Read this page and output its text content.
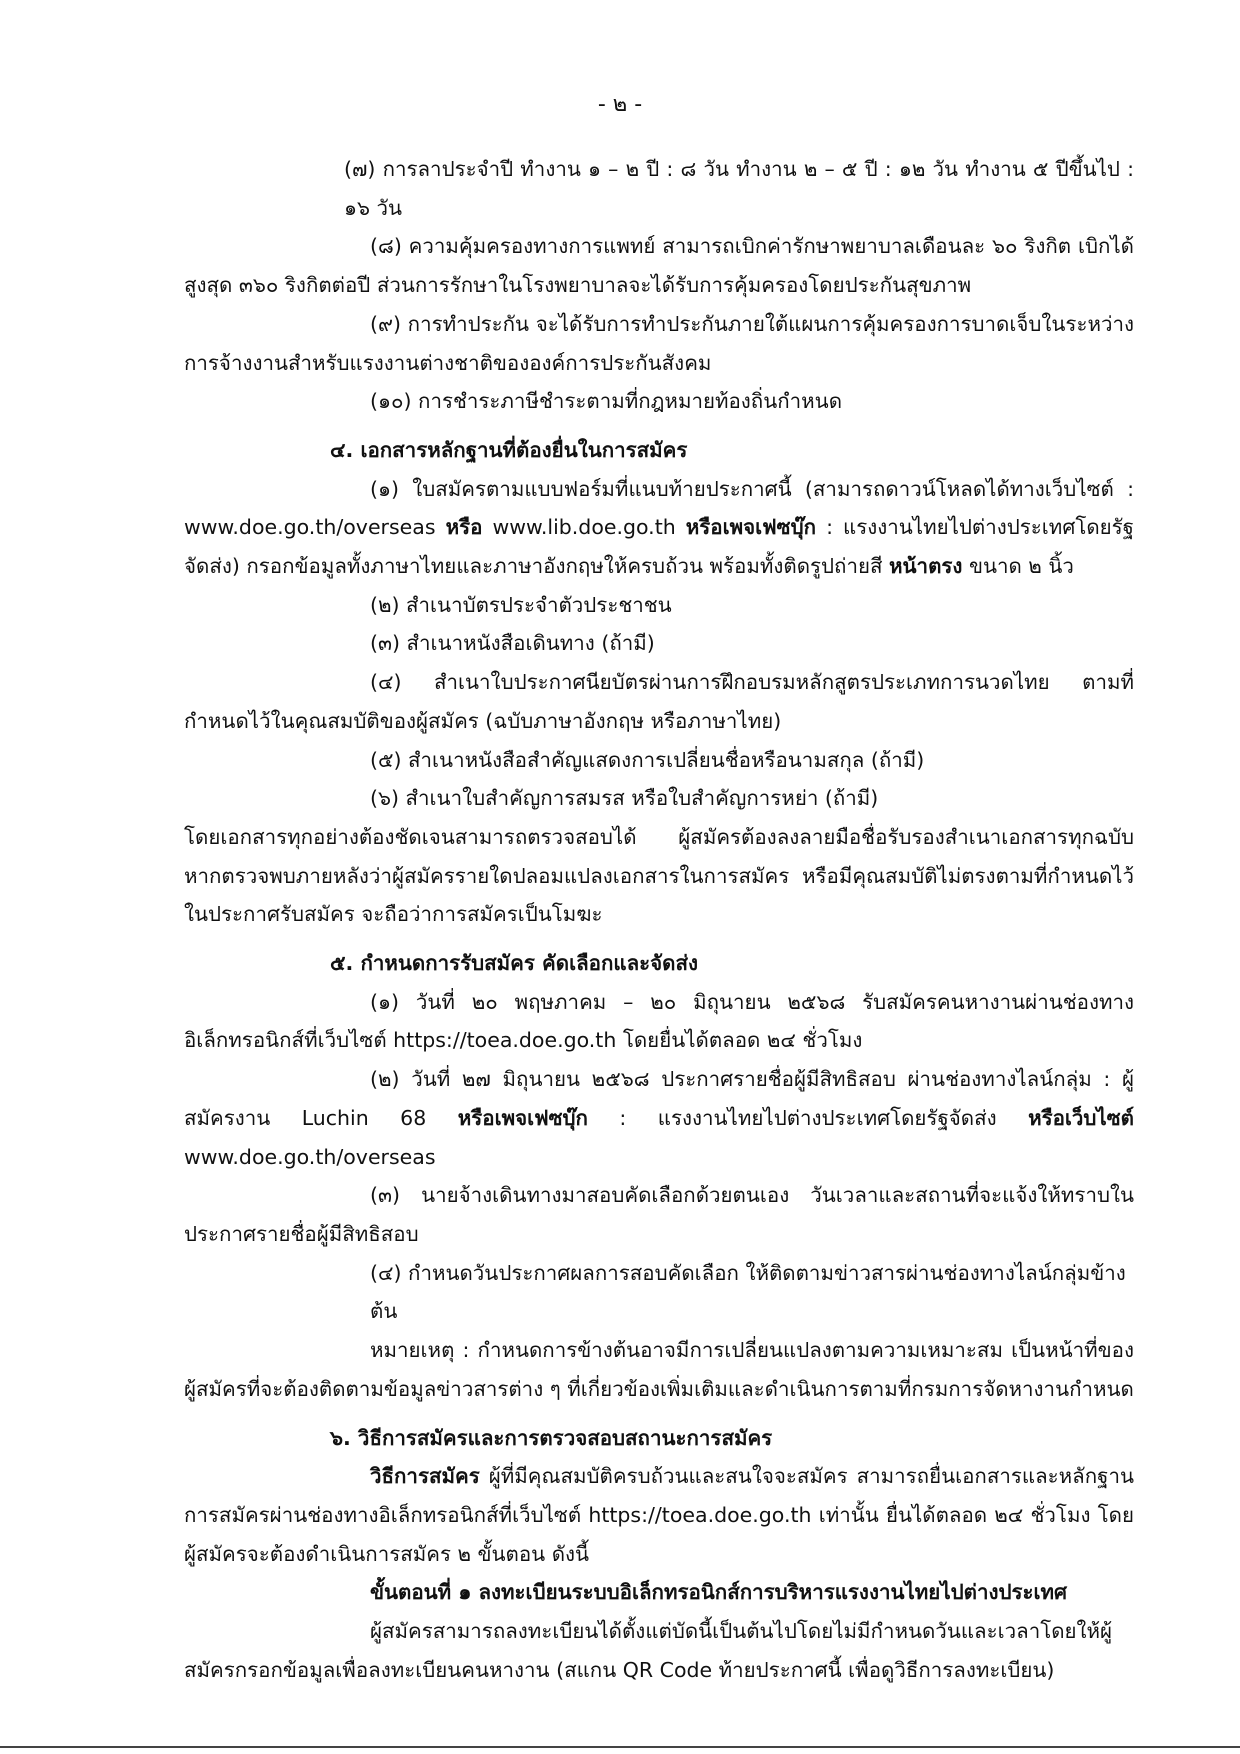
- ๒ -

(๗) การลาประจำปี ทำงาน ๑ – ๒ ปี : ๘ วัน ทำงาน ๒ – ๕ ปี : ๑๒ วัน ทำงาน ๕ ปีขึ้นไป : ๑๖ วัน

(๘) ความคุ้มครองทางการแพทย์ สามารถเบิกค่ารักษาพยาบาลเดือนละ ๖๐ ริงกิต เบิกได้สูงสุด ๓๖๐ ริงกิตต่อปี ส่วนการรักษาในโรงพยาบาลจะได้รับการคุ้มครองโดยประกันสุขภาพ

(๙) การทำประกัน จะได้รับการทำประกันภายใต้แผนการคุ้มครองการบาดเจ็บในระหว่าง การจ้างงานสำหรับแรงงานต่างชาติขององค์การประกันสังคม

(๑๐) การชำระภาษีชำระตามที่กฎหมายท้องถิ่นกำหนด

๔. เอกสารหลักฐานที่ต้องยื่นในการสมัคร

(๑) ใบสมัครตามแบบฟอร์มที่แนบท้ายประกาศนี้ (สามารถดาวน์โหลดได้ทางเว็บไซต์ : www.doe.go.th/overseas หรือ www.lib.doe.go.th หรือเพจเฟซบุ๊ก : แรงงานไทยไปต่างประเทศโดยรัฐจัดส่ง) กรอกข้อมูลทั้งภาษาไทยและภาษาอังกฤษให้ครบถ้วน พร้อมทั้งติดรูปถ่ายสี หน้าตรง ขนาด ๒ นิ้ว

(๒) สำเนาบัตรประจำตัวประชาชน

(๓) สำเนาหนังสือเดินทาง (ถ้ามี)

(๔) สำเนาใบประกาศนียบัตรผ่านการฝึกอบรมหลักสูตรประเภทการนวดไทย ตามที่กำหนดไว้ในคุณสมบัติของผู้สมัคร (ฉบับภาษาอังกฤษ หรือภาษาไทย)

(๕) สำเนาหนังสือสำคัญแสดงการเปลี่ยนชื่อหรือนามสกุล (ถ้ามี)

(๖) สำเนาใบสำคัญการสมรส หรือใบสำคัญการหย่า (ถ้ามี)

โดยเอกสารทุกอย่างต้องชัดเจนสามารถตรวจสอบได้ ผู้สมัครต้องลงลายมือชื่อรับรองสำเนาเอกสารทุกฉบับ หากตรวจพบภายหลังว่าผู้สมัครรายใดปลอมแปลงเอกสารในการสมัคร หรือมีคุณสมบัติไม่ตรงตามที่กำหนดไว้ในประกาศรับสมัคร จะถือว่าการสมัครเป็นโมฆะ

๕. กำหนดการรับสมัคร คัดเลือกและจัดส่ง

(๑) วันที่ ๒๐ พฤษภาคม – ๒๐ มิถุนายน ๒๕๖๘ รับสมัครคนหางานผ่านช่องทางอิเล็กทรอนิกส์ที่เว็บไซต์ https://toea.doe.go.th โดยยื่นได้ตลอด ๒๔ ชั่วโมง

(๒) วันที่ ๒๗ มิถุนายน ๒๕๖๘ ประกาศรายชื่อผู้มีสิทธิสอบ ผ่านช่องทางไลน์กลุ่ม : ผู้สมัครงาน Luchin 68 หรือเพจเฟซบุ๊ก : แรงงานไทยไปต่างประเทศโดยรัฐจัดส่ง หรือเว็บไซต์ www.doe.go.th/overseas

(๓) นายจ้างเดินทางมาสอบคัดเลือกด้วยตนเอง วันเวลาและสถานที่จะแจ้งให้ทราบในประกาศรายชื่อผู้มีสิทธิสอบ

(๔) กำหนดวันประกาศผลการสอบคัดเลือก ให้ติดตามข่าวสารผ่านช่องทางไลน์กลุ่มข้างต้น

หมายเหตุ : กำหนดการข้างต้นอาจมีการเปลี่ยนแปลงตามความเหมาะสม เป็นหน้าที่ของผู้สมัครที่จะต้องติดตามข้อมูลข่าวสารต่าง ๆ ที่เกี่ยวข้องเพิ่มเติมและดำเนินการตามที่กรมการจัดหางานกำหนด

๖. วิธีการสมัครและการตรวจสอบสถานะการสมัคร

วิธีการสมัคร ผู้ที่มีคุณสมบัติครบถ้วนและสนใจจะสมัคร สามารถยื่นเอกสารและหลักฐานการสมัครผ่านช่องทางอิเล็กทรอนิกส์ที่เว็บไซต์ https://toea.doe.go.th เท่านั้น ยื่นได้ตลอด ๒๔ ชั่วโมง โดยผู้สมัครจะต้องดำเนินการสมัคร ๒ ขั้นตอน ดังนี้

ขั้นตอนที่ ๑ ลงทะเบียนระบบอิเล็กทรอนิกส์การบริหารแรงงานไทยไปต่างประเทศ

ผู้สมัครสามารถลงทะเบียนได้ตั้งแต่บัดนี้เป็นต้นไปโดยไม่มีกำหนดวันและเวลาโดยให้ผู้สมัครกรอกข้อมูลเพื่อลงทะเบียนคนหางาน (สแกน QR Code ท้ายประกาศนี้ เพื่อดูวิธีการลงทะเบียน)
